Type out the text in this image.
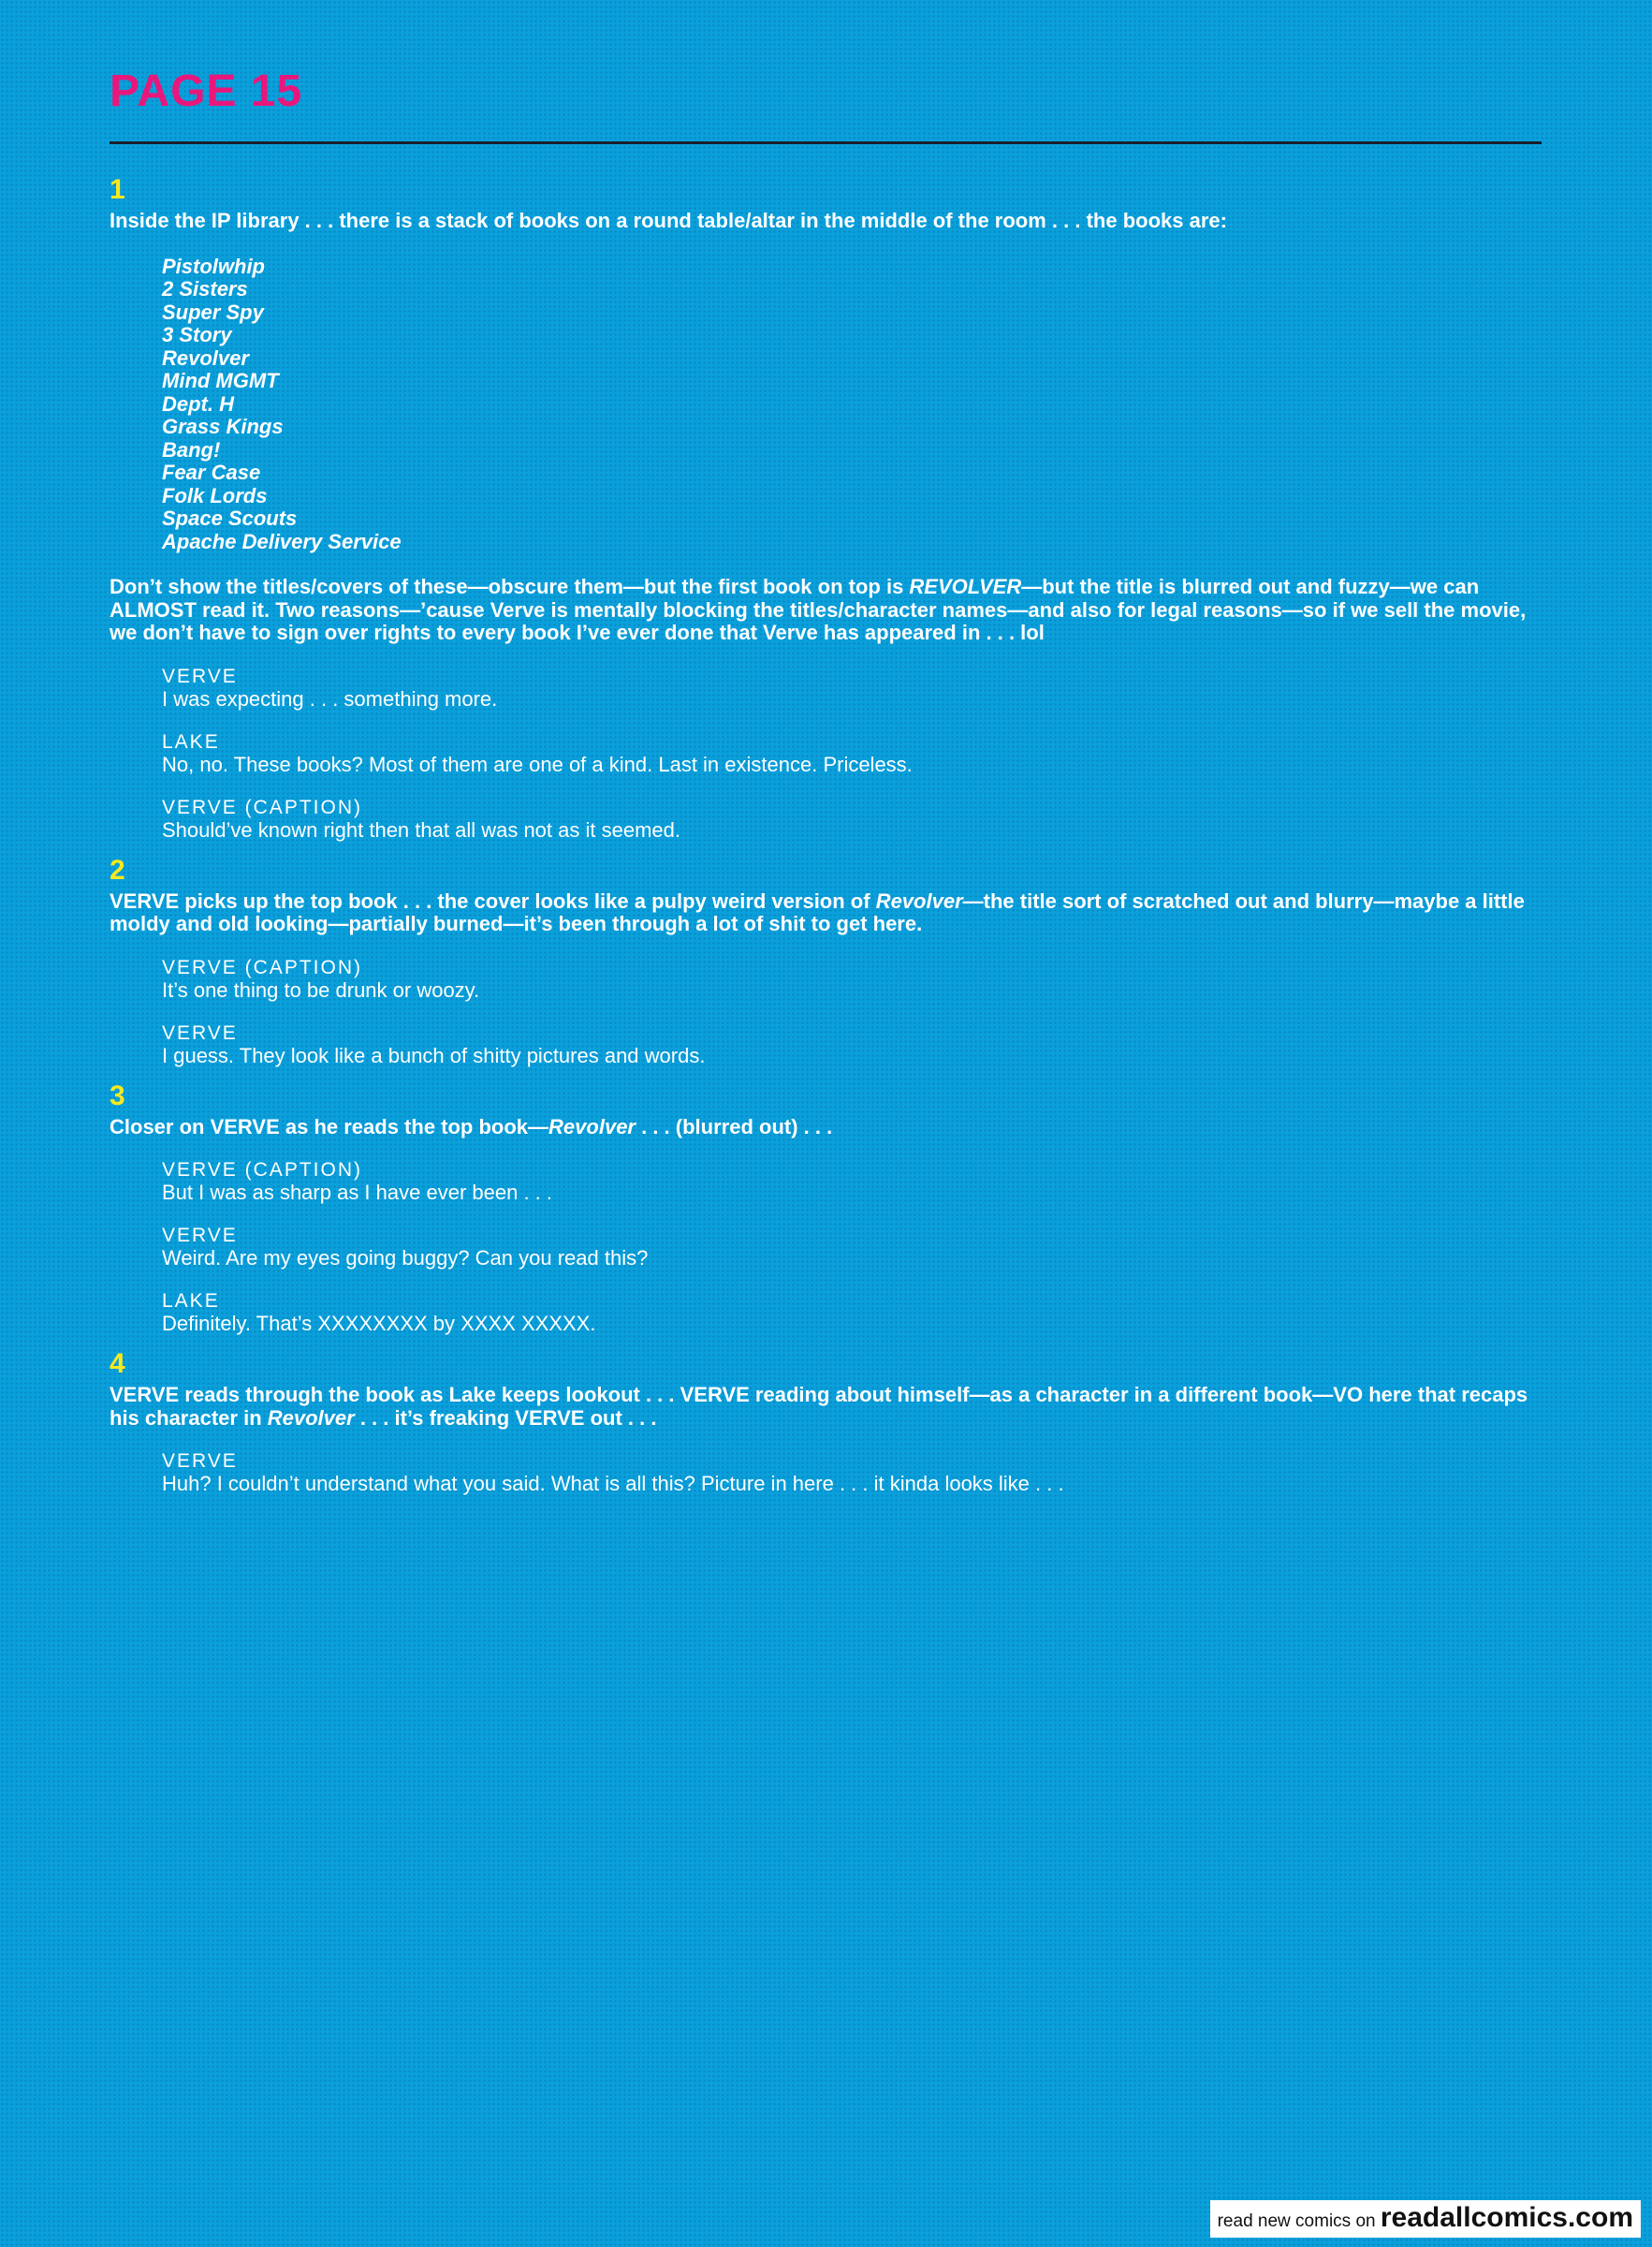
PAGE 15
1
Inside the IP library . . . there is a stack of books on a round table/altar in the middle of the room . . . the books are:
Pistolwhip
2 Sisters
Super Spy
3 Story
Revolver
Mind MGMT
Dept. H
Grass Kings
Bang!
Fear Case
Folk Lords
Space Scouts
Apache Delivery Service
Don’t show the titles/covers of these—obscure them—but the first book on top is REVOLVER—but the title is blurred out and fuzzy—we can ALMOST read it. Two reasons—’cause Verve is mentally blocking the titles/character names—and also for legal reasons—so if we sell the movie, we don’t have to sign over rights to every book I’ve ever done that Verve has appeared in . . . lol
VERVE
I was expecting . . . something more.
LAKE
No, no. These books? Most of them are one of a kind. Last in existence. Priceless.
VERVE (CAPTION)
Should’ve known right then that all was not as it seemed.
2
VERVE picks up the top book . . . the cover looks like a pulpy weird version of Revolver—the title sort of scratched out and blurry—maybe a little moldy and old looking—partially burned—it’s been through a lot of shit to get here.
VERVE (CAPTION)
It’s one thing to be drunk or woozy.
VERVE
I guess. They look like a bunch of shitty pictures and words.
3
Closer on VERVE as he reads the top book—Revolver . . . (blurred out) . . .
VERVE (CAPTION)
But I was as sharp as I have ever been . . .
VERVE
Weird. Are my eyes going buggy? Can you read this?
LAKE
Definitely. That’s XXXXXXXX by XXXX XXXXX.
4
VERVE reads through the book as Lake keeps lookout . . . VERVE reading about himself—as a character in a different book—VO here that recaps his character in Revolver . . . it’s freaking VERVE out . . .
VERVE
Huh? I couldn’t understand what you said. What is all this? Picture in here . . . it kinda looks like . . .
read new comics on readallcomics.com
